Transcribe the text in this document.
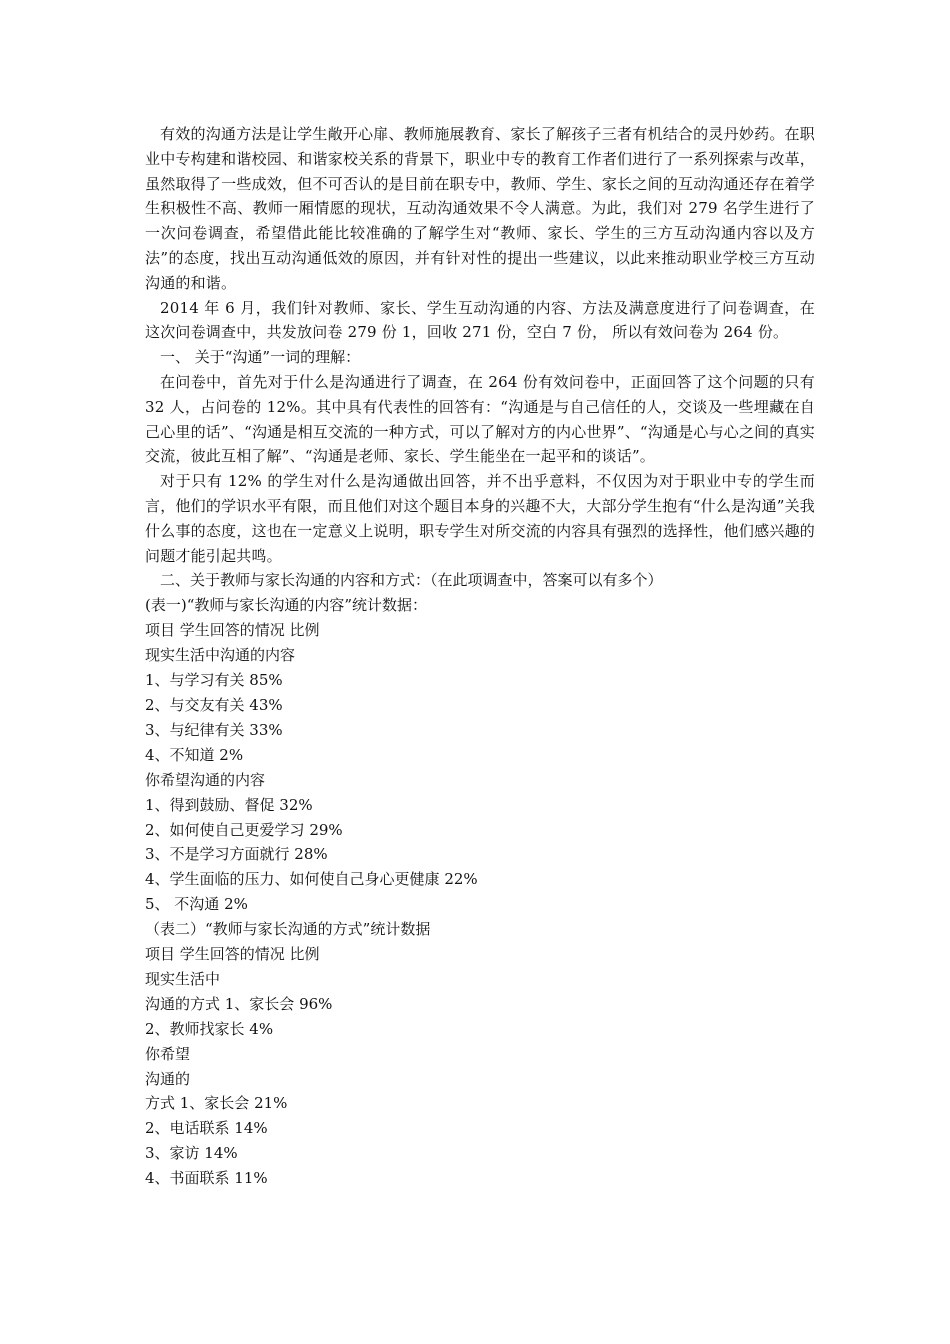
有效的沟通方法是让学生敞开心扉、教师施展教育、家长了解孩子三者有机结合的灵丹妙药。在职业中专构建和谐校园、和谐家校关系的背景下，职业中专的教育工作者们进行了一系列探索与改革，虽然取得了一些成效，但不可否认的是目前在职专中，教师、学生、家长之间的互动沟通还存在着学生积极性不高、教师一厢情愿的现状，互动沟通效果不令人满意。为此，我们对 279 名学生进行了一次问卷调查，希望借此能比较准确的了解学生对“教师、家长、学生的三方互动沟通内容以及方法”的态度，找出互动沟通低效的原因，并有针对性的提出一些建议，以此来推动职业学校三方互动沟通的和谐。

2014 年 6 月，我们针对教师、家长、学生互动沟通的内容、方法及满意度进行了问卷调查，在这次问卷调查中，共发放问卷 279 份 1，回收 271 份，空白 7 份， 所以有效问卷为 264 份。

一、 关于“沟通”一词的理解：

在问卷中，首先对于什么是沟通进行了调查，在 264 份有效问卷中，正面回答了这个问题的只有 32 人，占问卷的 12%。其中具有代表性的回答有：“沟通是与自己信任的人，交谈及一些埋藏在自己心里的话”、“沟通是相互交流的一种方式，可以了解对方的内心世界”、“沟通是心与心之间的真实交流，彼此互相了解”、“沟通是老师、家长、学生能坐在一起平和的谈话”。

对于只有 12% 的学生对什么是沟通做出回答，并不出乎意料，不仅因为对于职业中专的学生而言，他们的学识水平有限，而且他们对这个题目本身的兴趣不大，大部分学生抱有“什么是沟通”关我什么事的态度，这也在一定意义上说明，职专学生对所交流的内容具有强烈的选择性，他们感兴趣的问题才能引起共鸣。

二、关于教师与家长沟通的内容和方式：（在此项调查中，答案可以有多个）

(表一)“教师与家长沟通的内容”统计数据：

项目 学生回答的情况 比例

现实生活中沟通的内容

1、与学习有关 85%

2、与交友有关 43%

3、与纪律有关 33%

4、不知道 2%

你希望沟通的内容

1、得到鼓励、督促 32%

2、如何使自己更爱学习 29%

3、不是学习方面就行 28%

4、学生面临的压力、如何使自己身心更健康 22%

5、 不沟通 2%

（表二）“教师与家长沟通的方式”统计数据

项目 学生回答的情况 比例

现实生活中

沟通的方式 1、家长会 96%

2、教师找家长 4%

你希望

沟通的

方式 1、家长会 21%

2、电话联系 14%

3、家访 14%

4、书面联系 11%
